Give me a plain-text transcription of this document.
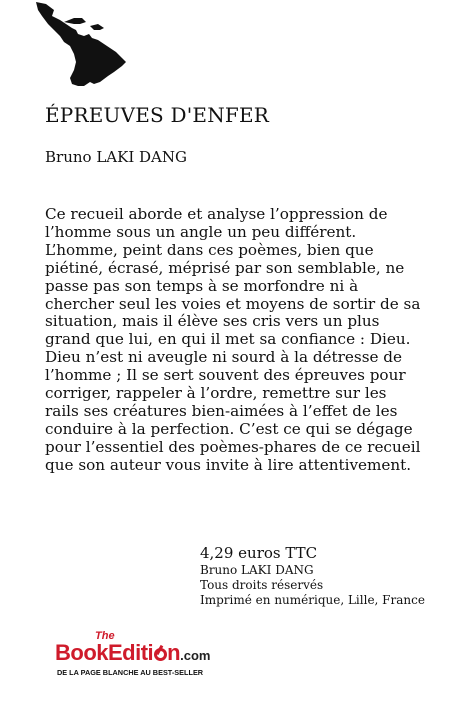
ÉPREUVES D'ENFER

Bruno LAKI DANG

Ce recueil aborde et analyse l’oppression de l’homme sous un angle un peu différent. L’homme, peint dans ces poèmes, bien que piétiné, écrasé, méprisé par son semblable, ne passe pas son temps à se morfondre ni à chercher seul les voies et moyens de sortir de sa situation, mais il élève ses cris vers un plus grand que lui, en qui il met sa confiance : Dieu. Dieu n’est ni aveugle ni sourd à la détresse de l’homme ; Il se sert souvent des épreuves pour corriger, rappeler à l’ordre, remettre sur les rails ses créatures bien-aimées à l’effet de les conduire à la perfection. C’est ce qui se dégage pour l’essentiel des poèmes-phares de ce recueil que son auteur vous invite à lire attentivement.

4,29 euros TTC

Bruno LAKI DANG

Tous droits réservés

Imprimé en numérique, Lille, France

The
BookEditi n.com
DE LA PAGE BLANCHE AU BEST-SELLER
